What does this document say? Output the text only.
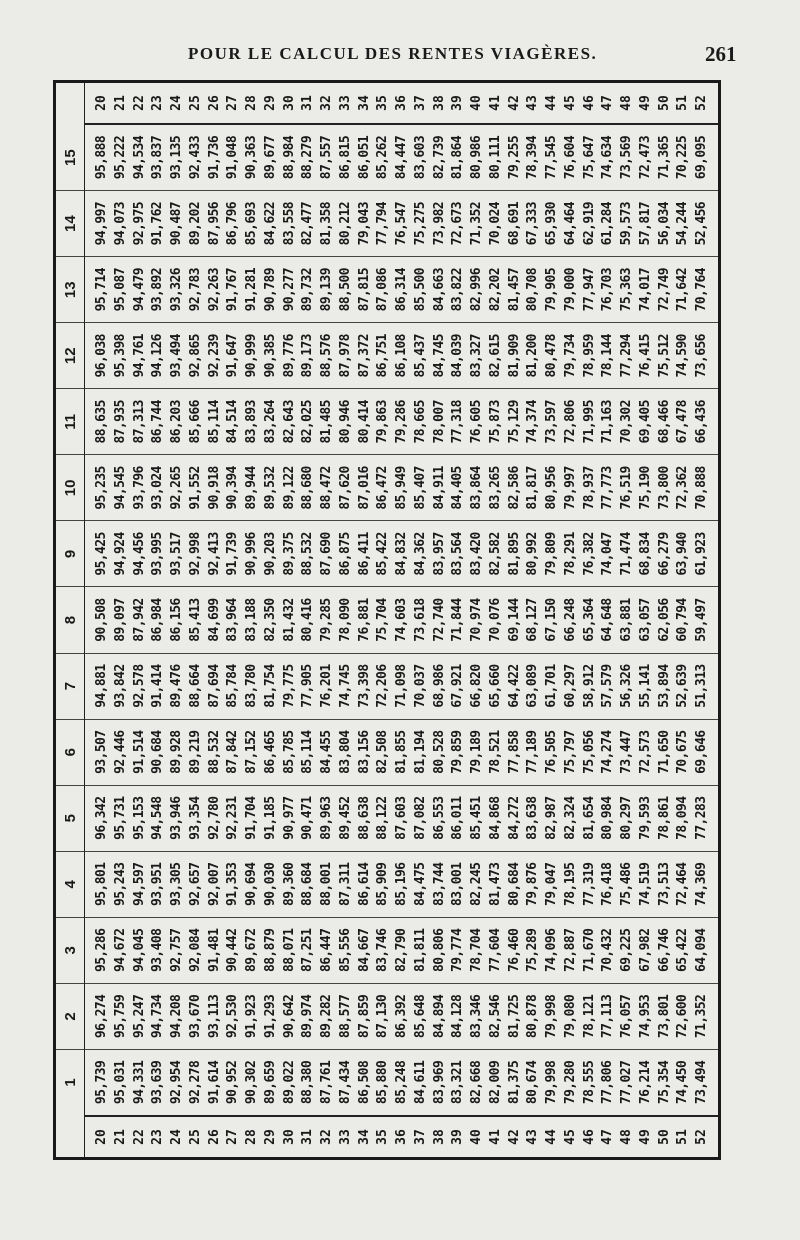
POUR LE CALCUL DES RENTES VIAGÈRES.	261
1
2
3
4
5
6
7
8
9
10
11
12
13
14
15
20 21 22 23 24 25 26 27 28 29 30 31 32 33 34 35 36 37 38 39 40 41 42 43 44 45 46 47 48 49 50 51 52
95,739 95,031 94,331 93,639 92,954 92,278 91,614 90,952 90,302 89,659 89,022 88,380 87,761 87,434 86,508 85,880 85,248 84,611 83,969 83,321 82,668 82,009 81,375 80,674 79,998 79,280 78,555 77,806 77,027 76,214 75,354 74,450 73,494
96,274 95,759 95,247 94,734 94,208 93,670 93,113 92,530 91,923 91,293 90,642 89,974 89,282 88,577 87,859 87,130 86,392 85,648 84,894 84,128 83,346 82,546 81,725 80,878 79,998 79,080 78,121 77,113 76,057 74,953 73,801 72,600 71,352
95,286 94,672 94,045 93,408 92,757 92,084 91,481 90,442 89,672 88,879 88,071 87,251 86,447 85,556 84,667 83,746 82,790 81,811 80,806 79,774 78,704 77,604 76,460 75,289 74,096 72,887 71,670 70,432 69,225 67,982 66,746 65,422 64,094
95,801 95,243 94,597 93,951 93,305 92,657 92,007 91,353 90,694 90,030 89,360 88,684 88,001 87,311 86,614 85,909 85,196 84,475 83,744 83,001 82,245 81,473 80,684 79,876 79,047 78,195 77,319 76,418 75,486 74,519 73,513 72,464 74,369
96,342 95,731 95,153 94,548 93,946 93,354 92,780 92,231 91,704 91,185 90,977 90,471 89,963 89,452 88,638 88,122 87,603 87,082 86,553 86,011 85,451 84,868 84,272 83,638 82,987 82,324 81,654 80,984 80,297 79,593 78,861 78,094 77,283
93,507 92,446 91,514 90,684 89,928 89,219 88,532 87,842 87,152 86,465 85,785 85,114 84,455 83,804 83,156 82,508 81,855 81,194 80,528 79,859 79,189 78,521 77,858 77,189 76,505 75,797 75,056 74,274 73,447 72,573 71,650 70,675 69,646
94,881 93,842 92,578 91,414 89,476 88,664 87,694 85,784 83,780 81,754 79,775 77,905 76,201 74,745 73,398 72,206 71,098 70,037 68,986 67,921 66,820 65,660 64,422 63,089 61,701 60,297 58,912 57,579 56,326 55,141 53,894 52,639 51,313
90,508 89,097 87,942 86,984 86,156 85,413 84,699 83,964 83,188 82,350 81,432 80,416 79,285 78,090 76,881 75,704 74,603 73,618 72,740 71,844 70,974 70,076 69,144 68,127 67,150 66,248 65,364 64,648 63,881 63,057 62,056 60,794 59,497
95,425 94,924 94,456 93,995 93,517 92,998 92,413 91,739 90,996 90,203 89,375 88,532 87,690 86,875 86,411 85,422 84,832 84,362 83,957 83,564 83,420 82,582 81,895 80,992 79,809 78,291 76,382 74,047 71,474 68,834 66,279 63,940 61,923
95,235 94,545 93,796 93,024 92,265 91,552 90,918 90,394 89,944 89,532 89,122 88,680 88,472 87,620 87,016 86,472 85,949 85,407 84,911 84,405 83,864 83,265 82,586 81,817 80,956 79,997 78,937 77,773 76,519 75,190 73,800 72,362 70,888
88,635 87,935 87,313 86,744 86,203 85,666 85,114 84,514 83,893 83,264 82,643 82,025 81,485 80,946 80,414 79,863 79,286 78,665 78,007 77,318 76,605 75,873 75,129 74,374 73,597 72,806 71,995 71,163 70,302 69,405 68,466 67,478 66,436
96,038 95,398 94,761 94,126 93,494 92,865 92,239 91,647 90,999 90,385 89,776 89,173 88,576 87,978 87,372 86,751 86,108 85,437 84,745 84,039 83,327 82,615 81,909 81,200 80,478 79,734 78,959 78,144 77,294 76,415 75,512 74,590 73,656
95,714 95,087 94,479 93,892 93,326 92,783 92,263 91,767 91,281 90,789 90,277 89,732 89,139 88,500 87,815 87,086 86,314 85,500 84,663 83,822 82,996 82,202 81,457 80,708 79,905 79,000 77,947 76,703 75,363 74,017 72,749 71,642 70,764
94,997 94,073 92,975 91,762 90,487 89,202 87,956 86,796 85,693 84,622 83,558 82,477 81,358 80,212 79,043 77,794 76,547 75,275 73,982 72,673 71,352 70,024 68,691 67,333 65,930 64,464 62,919 61,284 59,573 57,817 56,034 54,244 52,456
95,888 95,222 94,534 93,837 93,135 92,433 91,736 91,048 90,363 89,677 88,984 88,279 87,557 86,815 86,051 85,262 84,447 83,603 82,739 81,864 80,986 80,111 79,255 78,394 77,545 76,604 75,647 74,634 73,569 72,473 71,365 70,225 69,095
20 21 22 23 24 25 26 27 28 29 30 31 32 33 34 35 36 37 38 39 40 41 42 43 44 45 46 47 48 49 50 51 52
